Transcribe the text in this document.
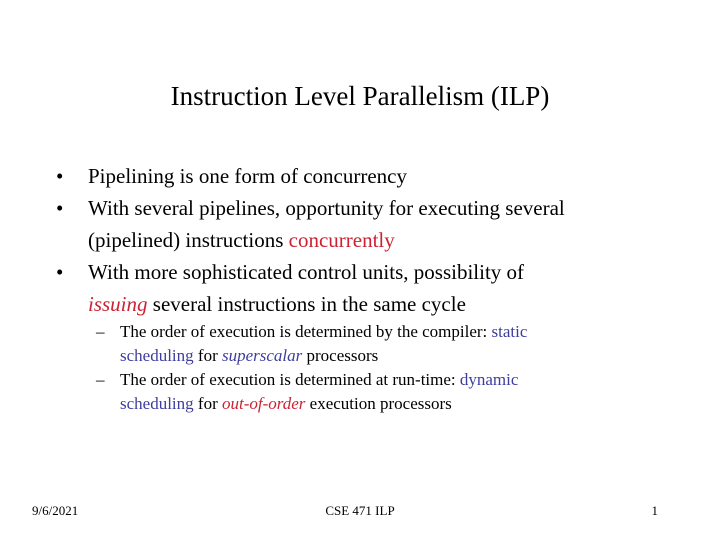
Instruction Level Parallelism (ILP)
•	Pipelining is one form of concurrency
•	With several pipelines, opportunity for executing several
(pipelined) instructions concurrently
•	With more sophisticated control units, possibility of
issuing several instructions in the same cycle
– The order of execution is determined by the compiler: static
scheduling for superscalar processors
– The order of execution is determined at run-time: dynamic
scheduling for out-of-order execution processors
9/6/2021	CSE 471 ILP	1
